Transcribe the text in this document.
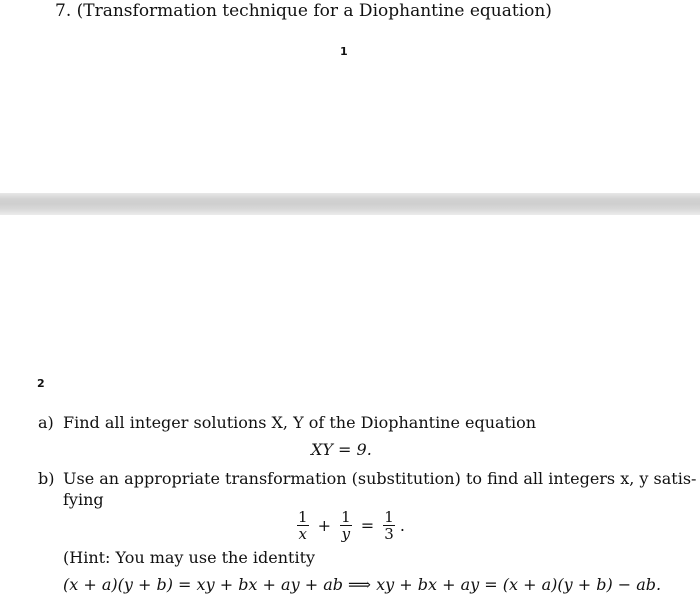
7. (Transformation technique for a Diophantine equation)
1
2
a) Find all integer solutions X, Y of the Diophantine equation
XY = 9.
b) Use an appropriate transformation (substitution) to find all integers x, y satis-
fying
$\frac{1}{x} + \frac{1}{y} = \frac{1}{3}$ .
(Hint: You may use the identity
(x + a)(y + b) = xy + bx + ay + ab ⟹ xy + bx + ay = (x + a)(y + b) − ab.
